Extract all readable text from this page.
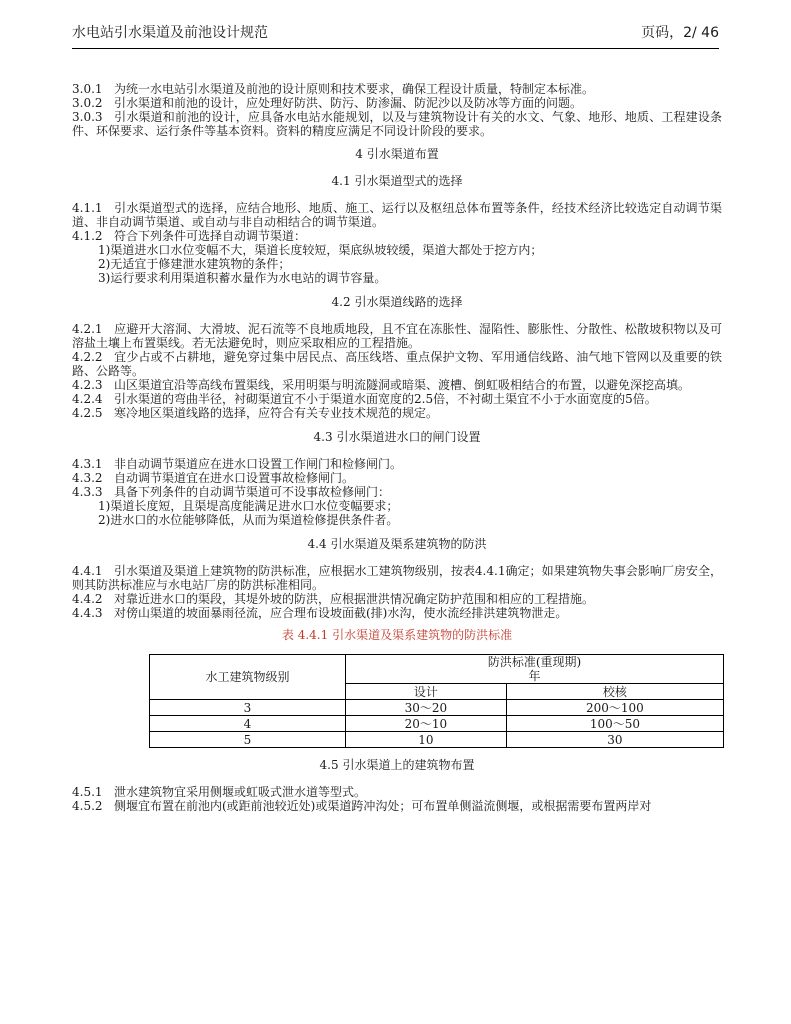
水电站引水渠道及前池设计规范	页码，2/ 46
3.0.1 为统一水电站引水渠道及前池的设计原则和技术要求，确保工程设计质量，特制定本标准。
3.0.2 引水渠道和前池的设计，应处理好防洪、防污、防渗漏、防泥沙以及防冰等方面的问题。
3.0.3 引水渠道和前池的设计，应具备水电站水能规划，以及与建筑物设计有关的水文、气象、地形、地质、工程建设条件、环保要求、运行条件等基本资料。资料的精度应满足不同设计阶段的要求。
4 引水渠道布置
4.1 引水渠道型式的选择
4.1.1 引水渠道型式的选择，应结合地形、地质、施工、运行以及枢纽总体布置等条件，经技术经济比较选定自动调节渠道、非自动调节渠道、或自动与非自动相结合的调节渠道。
4.1.2 符合下列条件可选择自动调节渠道：
1)渠道进水口水位变幅不大，渠道长度较短，渠底纵坡较缓，渠道大都处于挖方内；
2)无适宜于修建泄水建筑物的条件；
3)运行要求利用渠道积蓄水量作为水电站的调节容量。
4.2 引水渠道线路的选择
4.2.1 应避开大溶洞、大滑坡、泥石流等不良地质地段，且不宜在冻胀性、湿陷性、膨胀性、分散性、松散坡积物以及可溶盐土壤上布置渠线。若无法避免时，则应采取相应的工程措施。
4.2.2 宜少占或不占耕地，避免穿过集中居民点、高压线塔、重点保护文物、军用通信线路、油气地下管网以及重要的铁路、公路等。
4.2.3 山区渠道宜沿等高线布置渠线，采用明渠与明流隧洞或暗渠、渡槽、倒虹吸相结合的布置，以避免深挖高填。
4.2.4 引水渠道的弯曲半径，衬砌渠道宜不小于渠道水面宽度的2.5倍，不衬砌土渠宜不小于水面宽度的5倍。
4.2.5 寒冷地区渠道线路的选择，应符合有关专业技术规范的规定。
4.3 引水渠道进水口的闸门设置
4.3.1 非自动调节渠道应在进水口设置工作闸门和检修闸门。
4.3.2 自动调节渠道宜在进水口设置事故检修闸门。
4.3.3 具备下列条件的自动调节渠道可不设事故检修闸门：
1)渠道长度短，且渠堤高度能满足进水口水位变幅要求；
2)进水口的水位能够降低，从而为渠道检修提供条件者。
4.4 引水渠道及渠系建筑物的防洪
4.4.1 引水渠道及渠道上建筑物的防洪标准，应根据水工建筑物级别，按表4.4.1确定；如果建筑物失事会影响厂房安全，则其防洪标准应与水电站厂房的防洪标准相同。
4.4.2 对靠近进水口的渠段，其堤外坡的防洪，应根据泄洪情况确定防护范围和相应的工程措施。
4.4.3 对傍山渠道的坡面暴雨径流，应合理布设坡面截(排)水沟，使水流经排洪建筑物泄走。
表 4.4.1 引水渠道及渠系建筑物的防洪标准
水工建筑物级别	防洪标准(重现期)
年	

	设计	校核
3	30～20	200～100
4	20～10	100～50
5	10	30
4.5 引水渠道上的建筑物布置
4.5.1 泄水建筑物宜采用侧堰或虹吸式泄水道等型式。
4.5.2 侧堰宜布置在前池内(或距前池较近处)或渠道跨冲沟处；可布置单侧溢流侧堰，或根据需要布置两岸对
